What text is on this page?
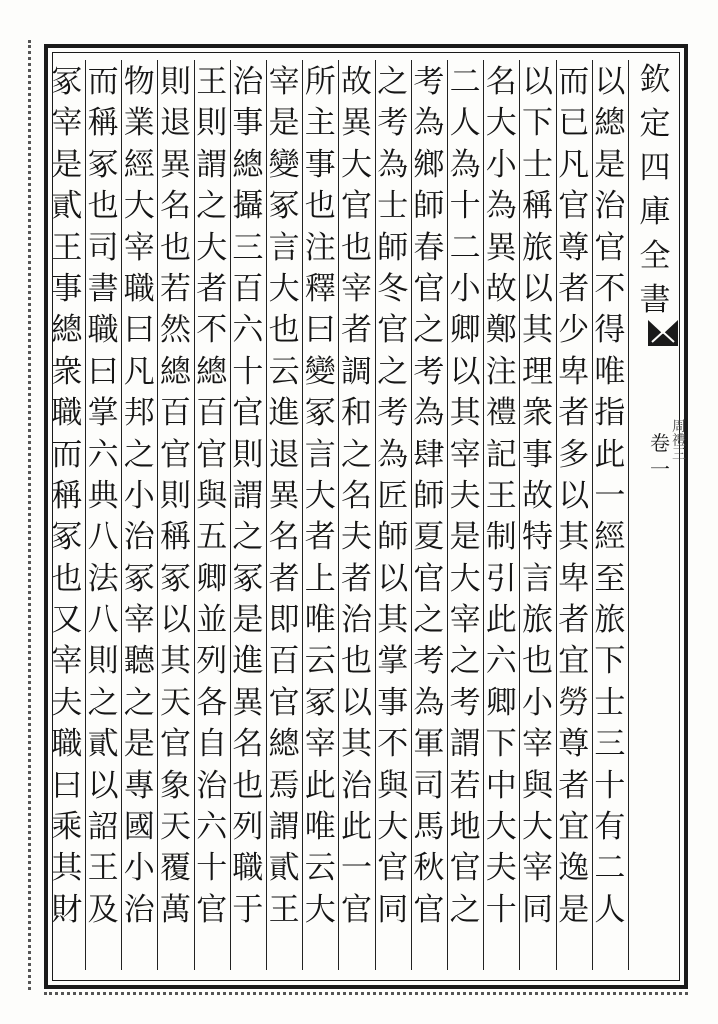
欽
定
四
庫
全
書
卷
一
周
禮
三
以
總
是
治
官
不
得
唯
指
此
一
經
至
旅
下
士
三
十
有
二
人
而
已
凡
官
尊
者
少
卑
者
多
以
其
卑
者
宜
勞
尊
者
宜
逸
是
以
下
士
稱
旅
以
其
理
衆
事
故
特
言
旅
也
小
宰
與
大
宰
同
名
大
小
為
異
故
鄭
注
禮
記
王
制
引
此
六
卿
下
中
大
夫
十
二
人
為
十
二
小
卿
以
其
宰
夫
是
大
宰
之
考
謂
若
地
官
之
考
為
鄉
師
春
官
之
考
為
肆
師
夏
官
之
考
為
軍
司
馬
秋
官
之
考
為
士
師
冬
官
之
考
為
匠
師
以
其
掌
事
不
與
大
官
同
故
異
大
官
也
宰
者
調
和
之
名
夫
者
治
也
以
其
治
此
一
官
所
主
事
也
注
釋
曰
變
冢
言
大
者
上
唯
云
冢
宰
此
唯
云
大
宰
是
變
冢
言
大
也
云
進
退
異
名
者
即
百
官
總
焉
謂
貳
王
治
事
總
攝
三
百
六
十
官
則
謂
之
冢
是
進
異
名
也
列
職
于
王
則
謂
之
大
者
不
總
百
官
與
五
卿
並
列
各
自
治
六
十
官
則
退
異
名
也
若
然
總
百
官
則
稱
冢
以
其
天
官
象
天
覆
萬
物
業
經
大
宰
職
曰
凡
邦
之
小
治
冢
宰
聽
之
是
專
國
小
治
而
稱
冢
也
司
書
職
曰
掌
六
典
八
法
八
則
之
貳
以
詔
王
及
冢
宰
是
貳
王
事
總
衆
職
而
稱
冢
也
又
宰
夫
職
曰
乘
其
財
